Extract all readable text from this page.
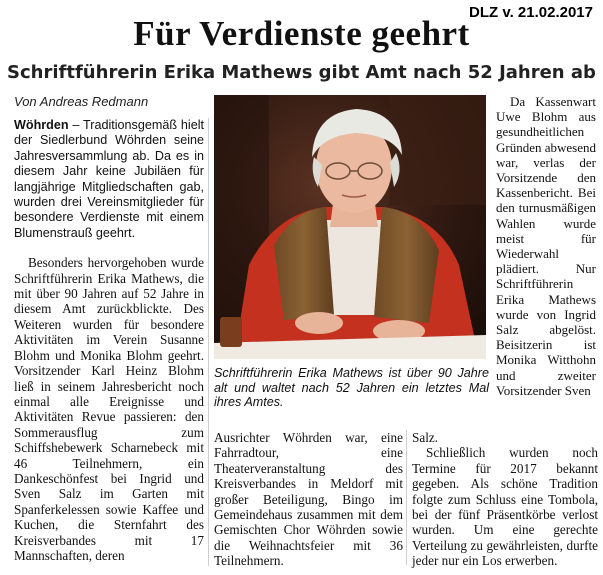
DLZ v. 21.02.2017
Für Verdienste geehrt
Schriftführerin Erika Mathews gibt Amt nach 52 Jahren ab
Von Andreas Redmann

Wöhrden – Traditionsgemäß hielt der Siedlerbund Wöhrden seine Jahresversammlung ab. Da es in diesem Jahr keine Jubiläen für langjährige Mitgliedschaften gab, wurden drei Vereinsmitglieder für besondere Verdienste mit einem Blumenstrauß geehrt.

Besonders hervorgehoben wurde Schriftführerin Erika Mathews, die mit über 90 Jahren auf 52 Jahre in diesem Amt zurückblickte. Des Weiteren wurden für besondere Aktivitäten im Verein Susanne Blohm und Monika Blohm geehrt. Vorsitzender Karl Heinz Blohm ließ in seinem Jahresbericht noch einmal alle Ereignisse und Aktivitäten Revue passieren: den Sommerausflug zum Schiffshebewerk Scharnebeck mit 46 Teilnehmern, ein Dankeschönfest bei Ingrid und Sven Salz im Garten mit Spanferkelessen sowie Kaffee und Kuchen, die Sternfahrt des Kreisverbandes mit 17 Mannschaften, deren

Schriftführerin Erika Mathews ist über 90 Jahre alt und waltet nach 52 Jahren ein letztes Mal ihres Amtes.

Da Kassenwart Uwe Blohm aus gesundheitlichen Gründen abwesend war, verlas der Vorsitzende den Kassenbericht. Bei den turnusmäßigen Wahlen wurde meist für Wiederwahl plädiert. Nur Schriftführerin Erika Mathews wurde von Ingrid Salz abgelöst. Beisitzerin ist Monika Witthohn und zweiter Vorsitzender Sven

Ausrichter Wöhrden war, eine Fahrradtour, eine Theaterveranstaltung des Kreisverbandes in Meldorf mit großer Beteiligung, Bingo im Gemeindehaus zusammen mit dem Gemischten Chor Wöhrden sowie die Weihnachtsfeier mit 36 Teilnehmern.

Salz.

Schließlich wurden noch Termine für 2017 bekannt gegeben. Als schöne Tradition folgte zum Schluss eine Tombola, bei der fünf Präsentkörbe verlost wurden. Um eine gerechte Verteilung zu gewährleisten, durfte jeder nur ein Los erwerben.
